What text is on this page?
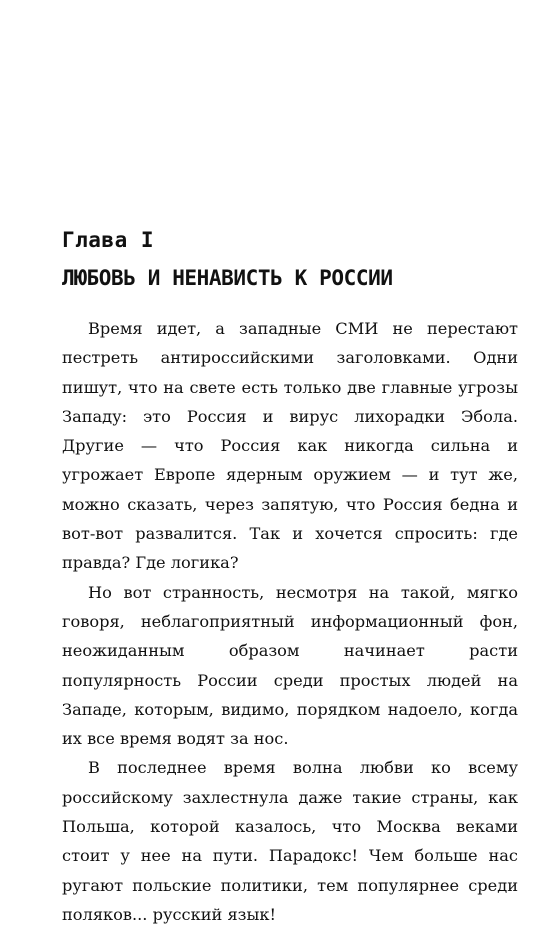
Глава I
ЛЮБОВЬ И НЕНАВИСТЬ К РОССИИ

Время идет, а западные СМИ не перестают пестреть антироссийскими заголовками. Одни пишут, что на свете есть только две главные угрозы Западу: это Россия и вирус лихорадки Эбола. Другие — что Россия как никогда сильна и угрожает Европе ядерным оружием — и тут же, можно сказать, через запятую, что Россия бедна и вот-вот развалится. Так и хочется спросить: где правда? Где логика?

Но вот странность, несмотря на такой, мягко говоря, неблагоприятный информационный фон, неожиданным образом начинает расти популярность России среди простых людей на Западе, которым, видимо, порядком надоело, когда их все время водят за нос.

В последнее время волна любви ко всему российскому захлестнула даже такие страны, как Польша, которой казалось, что Москва веками стоит у нее на пути. Парадокс! Чем больше нас ругают польские политики, тем популярнее среди поляков... русский язык!
